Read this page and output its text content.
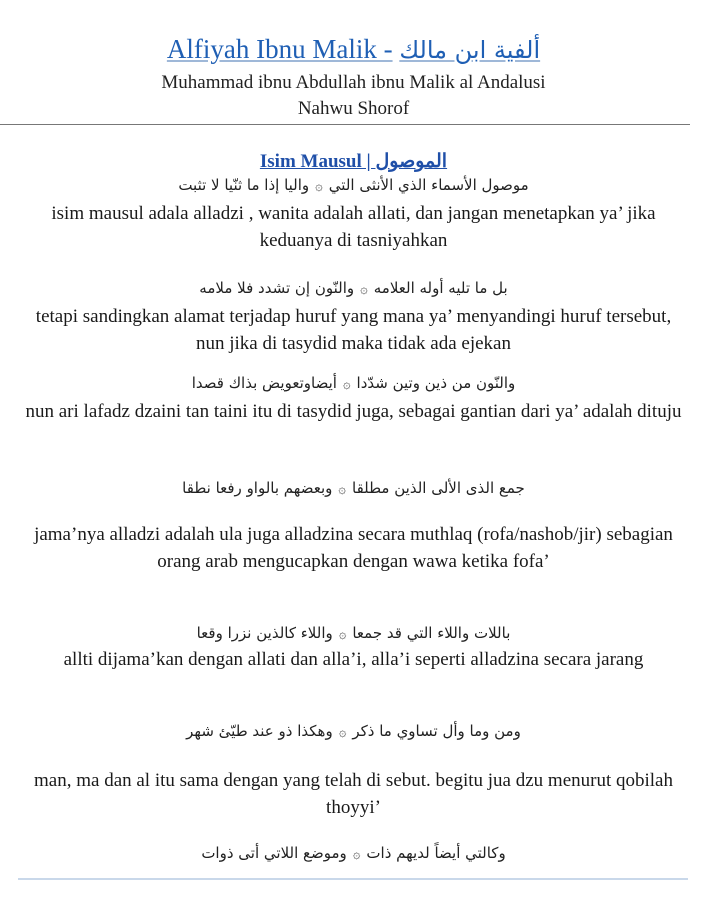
Alfiyah Ibnu Malik - ألفية ابن مالك
Muhammad ibnu Abdullah ibnu Malik al Andalusi
Nahwu Shorof
Isim Mausul | الموصول
موصول الأسماء الذي الأنثى التي۞واليا إذا ما ثنّيا لا تثبت
isim mausul adala alladzi , wanita adalah allati, dan jangan menetapkan ya’ jika keduanya di tasniyahkan
بل ما تليه أوله العلامه۞والنّون إن تشدد فلا ملامه
tetapi sandingkan alamat terjadap huruf yang mana ya’ menyandingi huruf tersebut, nun jika di tasydid maka tidak ada ejekan
والنّون من ذين وتين شدّدا۞أيضاوتعويض بذاك قصدا
nun ari lafadz dzaini tan taini itu di tasydid juga, sebagai gantian dari ya’ adalah dituju
جمع الذى الألى الذين مطلقا۞وبعضهم بالواو رفعا نطقا
jama’nya alladzi adalah ula juga alladzina secara muthlaq (rofa/nashob/jir) sebagian orang arab mengucapkan dengan wawa ketika fofa’
باللات واللاء التي قد جمعا۞واللاء كالذين نزرا وقعا
allti dijama’kan dengan allati dan alla’i, alla’i seperti alladzina secara jarang
ومن وما وأل تساوي ما ذكر۞وهكذا ذو عند طيّئ شهر
man, ma dan al itu sama dengan yang telah di sebut. begitu jua dzu menurut qobilah thoyyi’
وكالتي أيضاً لديهم ذات۞وموضع اللاتي أتى ذوات
